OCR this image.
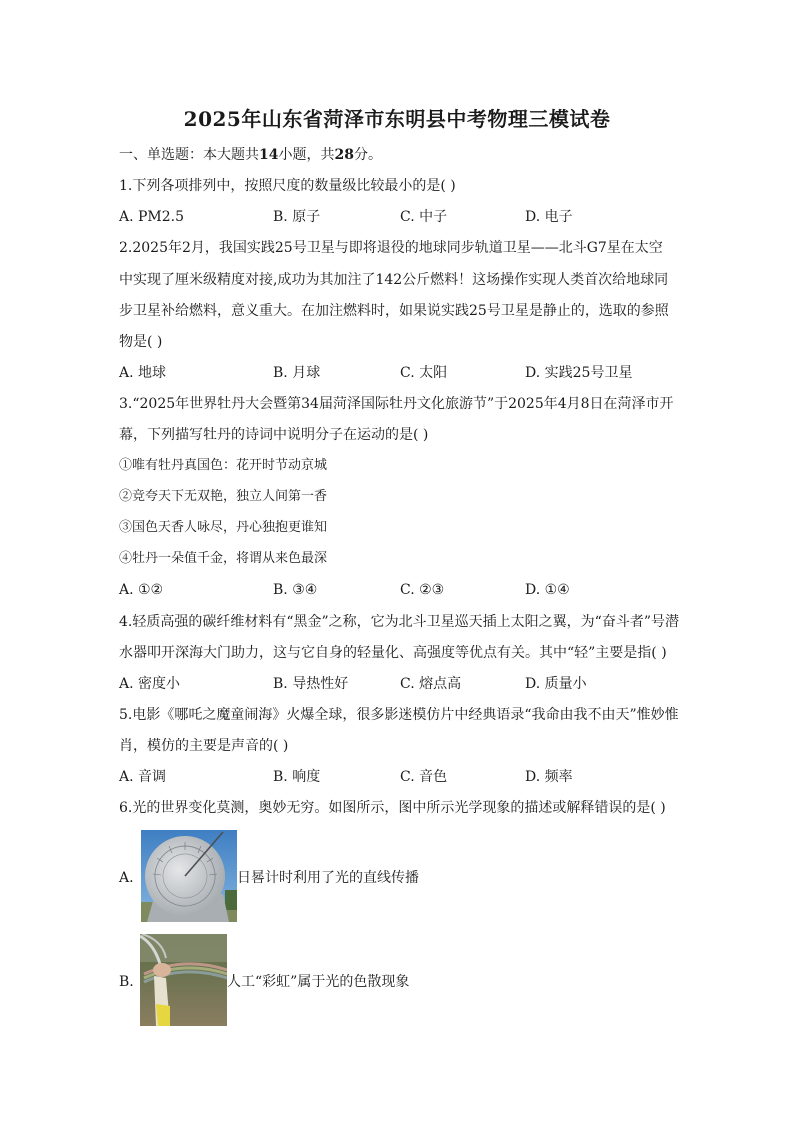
2025年山东省菏泽市东明县中考物理三模试卷
一、单选题：本大题共14小题，共28分。
1.下列各项排列中，按照尺度的数量级比较最小的是( )
A. PM2.5	B. 原子	C. 中子	D. 电子
2.2025年2月，我国实践25号卫星与即将退役的地球同步轨道卫星——北斗G7星在太空
中实现了厘米级精度对接,成功为其加注了142公斤燃料！这场操作实现人类首次给地球同
步卫星补给燃料，意义重大。在加注燃料时，如果说实践25号卫星是静止的，选取的参照
物是( )
A. 地球	B. 月球	C. 太阳	D. 实践25号卫星
3.“2025年世界牡丹大会暨第34届菏泽国际牡丹文化旅游节”于2025年4月8日在菏泽市开
幕，下列描写牡丹的诗词中说明分子在运动的是( )
①唯有牡丹真国色：花开时节动京城
②竞夸天下无双艳，独立人间第一香
③国色天香人咏尽，丹心独抱更谁知
④牡丹一朵值千金，将谓从来色最深
A. ①②	B. ③④	C. ②③	D. ①④
4.轻质高强的碳纤维材料有“黑金”之称，它为北斗卫星巡天插上太阳之翼，为“奋斗者”号潜
水器叩开深海大门助力，这与它自身的轻量化、高强度等优点有关。其中“轻”主要是指( )
A. 密度小	B. 导热性好	C. 熔点高	D. 质量小
5.电影《哪吒之魔童闹海》火爆全球，很多影迷模仿片中经典语录“我命由我不由天”惟妙惟
肖，模仿的主要是声音的( )
A. 音调	B. 响度	C. 音色	D. 频率
6.光的世界变化莫测，奥妙无穷。如图所示，图中所示光学现象的描述或解释错误的是( )
A.	日晷计时利用了光的直线传播
B.	人工“彩虹”属于光的色散现象
